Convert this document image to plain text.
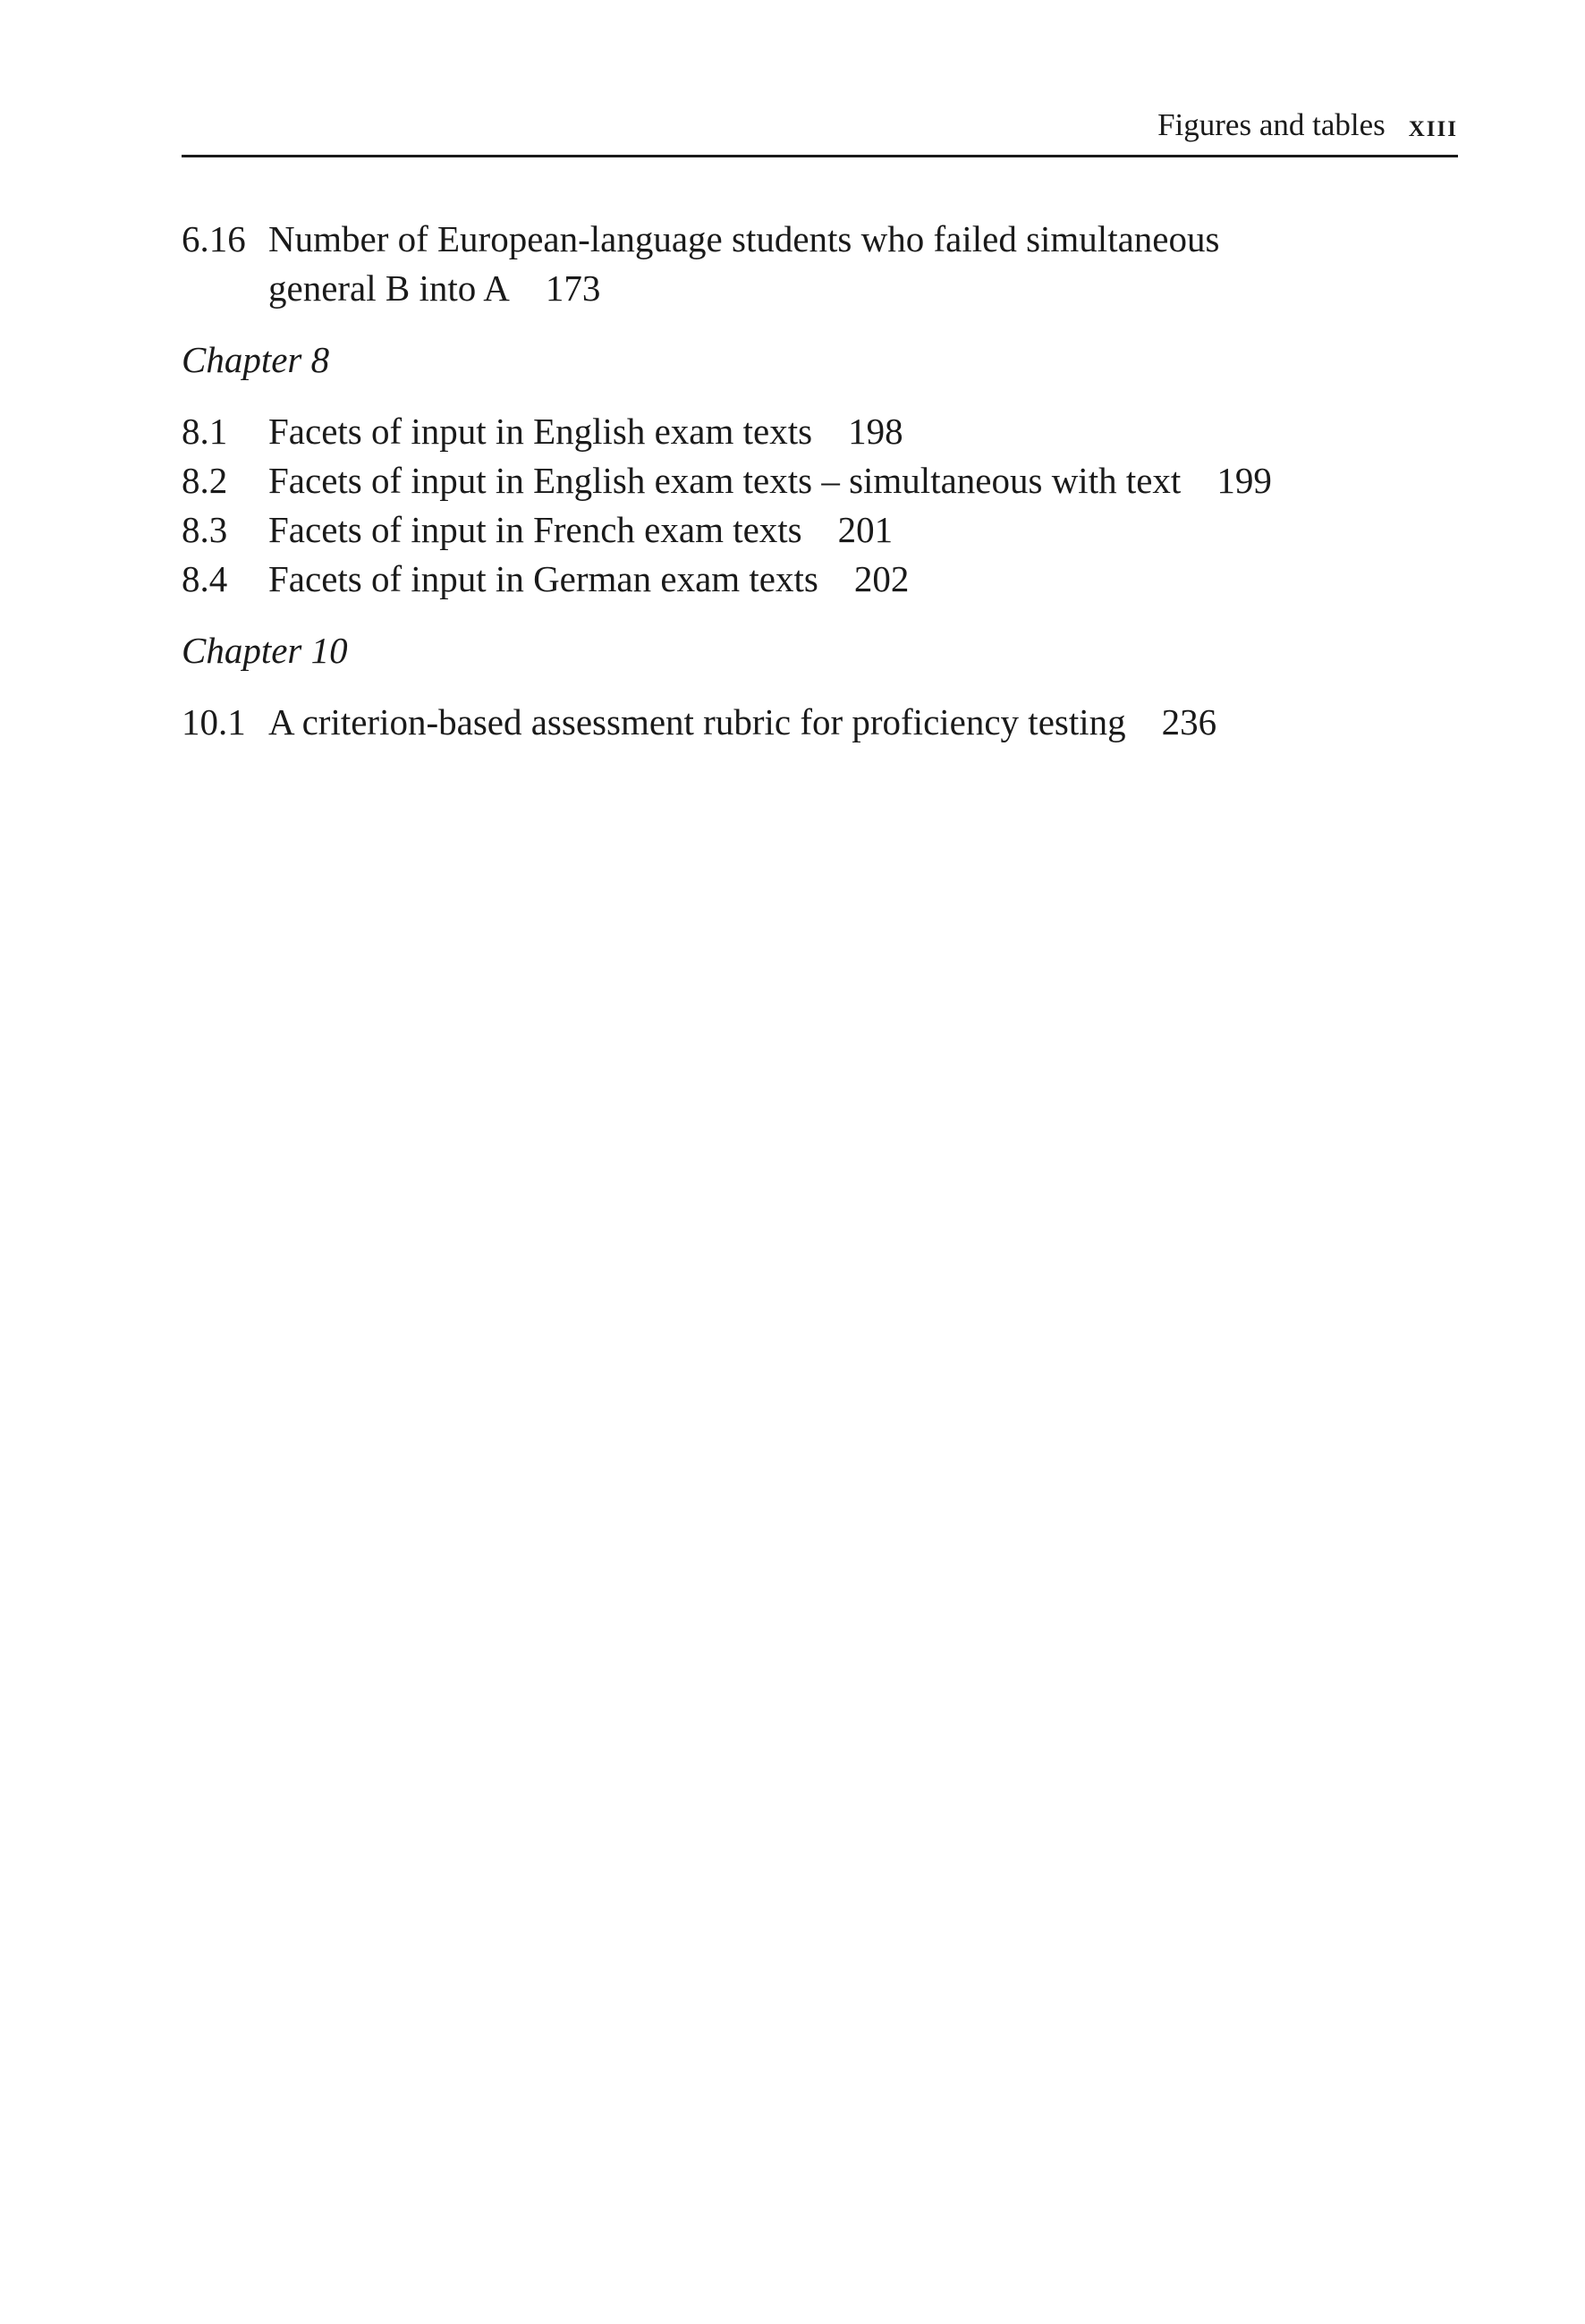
Figures and tables xiii
6.16 Number of European-language students who failed simultaneous
general B into A 173
Chapter 8
8.1	Facets of input in English exam texts 198
8.2	Facets of input in English exam texts – simultaneous with text 199
8.3	Facets of input in French exam texts 201
8.4	Facets of input in German exam texts 202
Chapter 10
10.1 A criterion-based assessment rubric for proficiency testing 236
